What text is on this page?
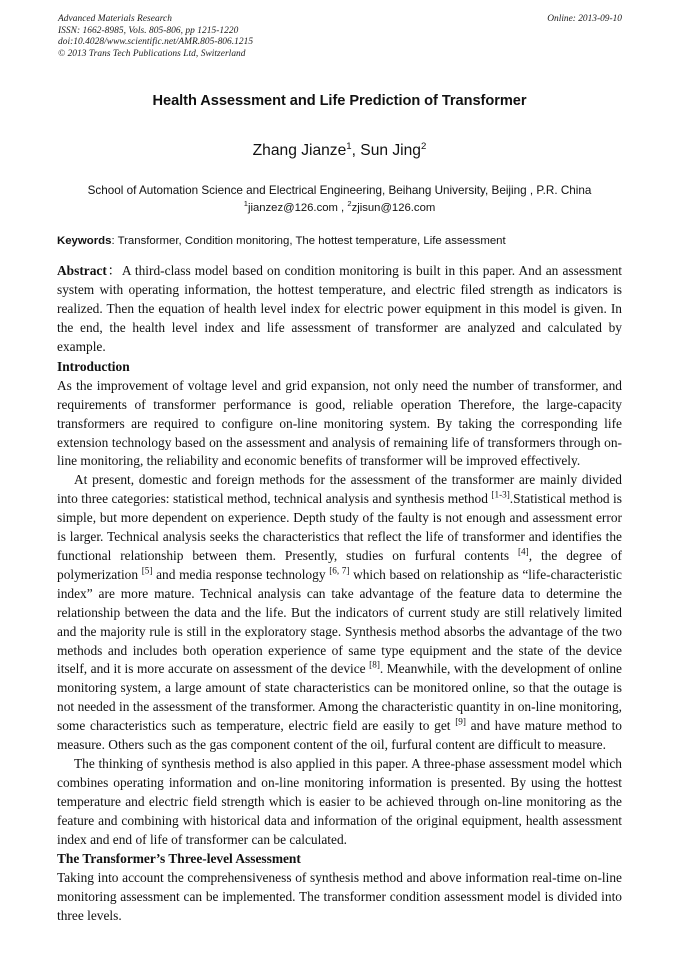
Advanced Materials Research
ISSN: 1662-8985, Vols. 805-806, pp 1215-1220
doi:10.4028/www.scientific.net/AMR.805-806.1215
© 2013 Trans Tech Publications Ltd, Switzerland
Online: 2013-09-10
Health Assessment and Life Prediction of Transformer
Zhang Jianze$^1$, Sun Jing$^2$
School of Automation Science and Electrical Engineering, Beihang University, Beijing , P.R. China
$^1$jianzez@126.com , $^2$zjisun@126.com
Keywords: Transformer, Condition monitoring, The hottest temperature, Life assessment
Abstract：A third-class model based on condition monitoring is built in this paper. And an assessment system with operating information, the hottest temperature, and electric filed strength as indicators is realized. Then the equation of health level index for electric power equipment in this model is given. In the end, the health level index and life assessment of transformer are analyzed and calculated by example.
Introduction

As the improvement of voltage level and grid expansion, not only need the number of transformer, and requirements of transformer performance is good, reliable operation Therefore, the large-capacity transformers are required to configure on-line monitoring system. By taking the corresponding life extension technology based on the assessment and analysis of remaining life of transformers through on-line monitoring, the reliability and economic benefits of transformer will be improved effectively.

At present, domestic and foreign methods for the assessment of the transformer are mainly divided into three categories: statistical method, technical analysis and synthesis method [1-3].Statistical method is simple, but more dependent on experience. Depth study of the faulty is not enough and assessment error is larger. Technical analysis seeks the characteristics that reflect the life of transformer and identifies the functional relationship between them. Presently, studies on furfural contents [4], the degree of polymerization [5] and media response technology [6, 7] which based on relationship as “life-characteristic index” are more mature. Technical analysis can take advantage of the feature data to determine the relationship between the data and the life. But the indicators of current study are still relatively limited and the majority rule is still in the exploratory stage. Synthesis method absorbs the advantage of the two methods and includes both operation experience of same type equipment and the state of the device itself, and it is more accurate on assessment of the device [8]. Meanwhile, with the development of online monitoring system, a large amount of state characteristics can be monitored online, so that the outage is not needed in the assessment of the transformer. Among the characteristic quantity in on-line monitoring, some characteristics such as temperature, electric field are easily to get [9] and have mature method to measure. Others such as the gas component content of the oil, furfural content are difficult to measure.

The thinking of synthesis method is also applied in this paper. A three-phase assessment model which combines operating information and on-line monitoring information is presented. By using the hottest temperature and electric field strength which is easier to be achieved through on-line monitoring as the feature and combining with historical data and information of the original equipment, health assessment index and end of life of transformer can be calculated.

The Transformer’s Three-level Assessment

Taking into account the comprehensiveness of synthesis method and above information real-time on-line monitoring assessment can be implemented. The transformer condition assessment model is divided into three levels.
